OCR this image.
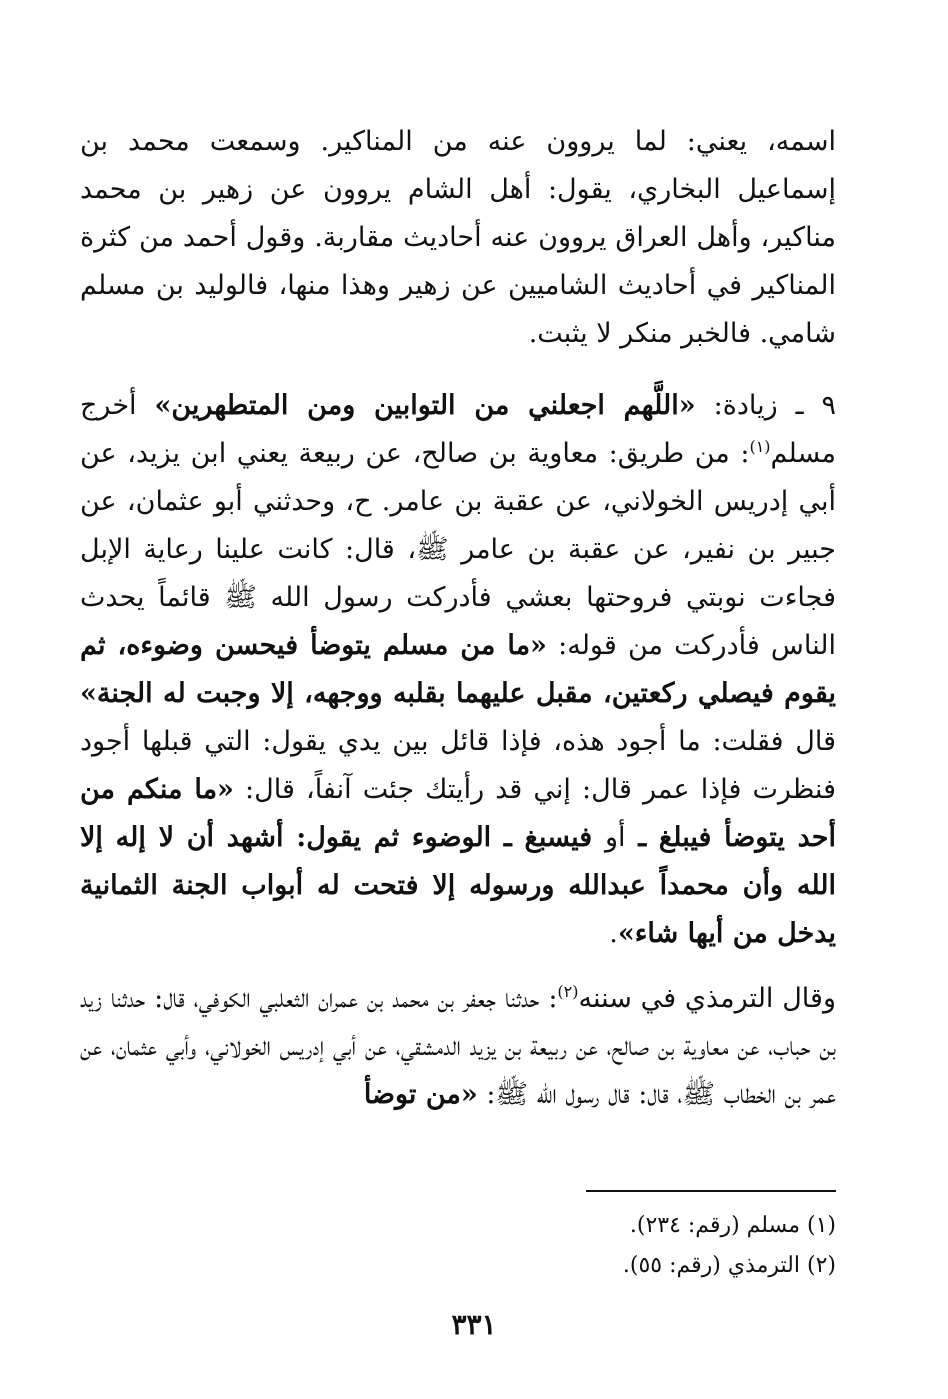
اسمه، يعني: لما يروون عنه من المناكير. وسمعت محمد بن إسماعيل البخاري، يقول: أهل الشام يروون عن زهير بن محمد مناكير، وأهل العراق يروون عنه أحاديث مقاربة. وقول أحمد من كثرة المناكير في أحاديث الشاميين عن زهير وهذا منها، فالوليد بن مسلم شامي. فالخبر منكر لا يثبت.

٩ ـ زيادة: «اللَّهم اجعلني من التوابين ومن المتطهرين» أخرج مسلم$^{(١)}$: من طريق: معاوية بن صالح، عن ربيعة يعني ابن يزيد، عن أبي إدريس الخولاني، عن عقبة بن عامر. ح، وحدثني أبو عثمان، عن جبير بن نفير، عن عقبة بن عامر ﷺ، قال: كانت علينا رعاية الإبل فجاءت نوبتي فروحتها بعشي فأدركت رسول الله ﷺ قائماً يحدث الناس فأدركت من قوله: «ما من مسلم يتوضأ فيحسن وضوءه، ثم يقوم فيصلي ركعتين، مقبل عليهما بقلبه ووجهه، إلا وجبت له الجنة» قال فقلت: ما أجود هذه، فإذا قائل بين يدي يقول: التي قبلها أجود فنظرت فإذا عمر قال: إني قد رأيتك جئت آنفاً، قال: «ما منكم من أحد يتوضأ فيبلغ ـ أو فيسبغ ـ الوضوء ثم يقول: أشهد أن لا إله إلا الله وأن محمداً عبدالله ورسوله إلا فتحت له أبواب الجنة الثمانية يدخل من أيها شاء».

وقال الترمذي في سننه$^{(٢)}$: حدثنا جعفر بن محمد بن عمران الثعلبي الكوفي، قال: حدثنا زيد بن حباب، عن معاوية بن صالح، عن ربيعة بن يزيد الدمشقي، عن أبي إدريس الخولاني، وأبي عثمان، عن عمر بن الخطاب ﷺ، قال: قال رسول الله ﷺ: «من توضأ

(١) مسلم (رقم: ٢٣٤).
(٢) الترمذي (رقم: ٥٥).
٣٣١
